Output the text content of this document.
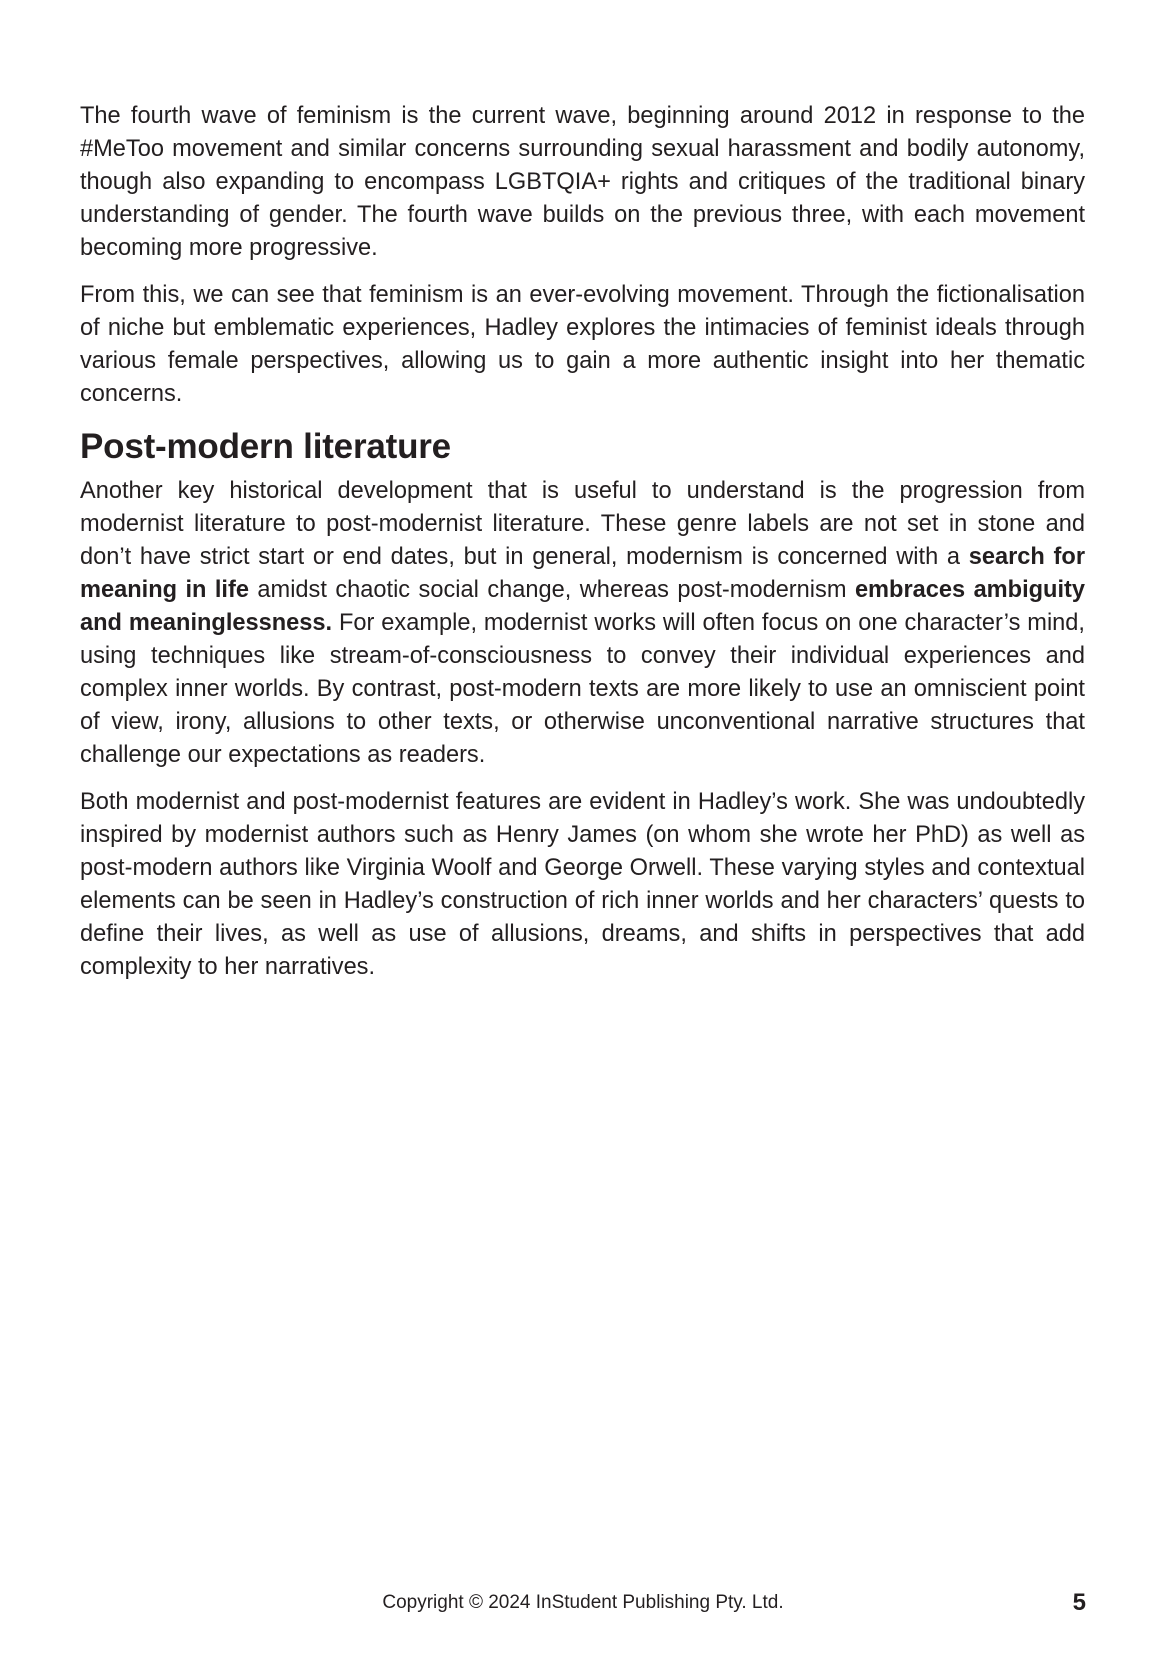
The fourth wave of feminism is the current wave, beginning around 2012 in response to the #MeToo movement and similar concerns surrounding sexual harassment and bodily autonomy, though also expanding to encompass LGBTQIA+ rights and critiques of the traditional binary understanding of gender. The fourth wave builds on the previous three, with each movement becoming more progressive.

From this, we can see that feminism is an ever-evolving movement. Through the fictionalisation of niche but emblematic experiences, Hadley explores the intimacies of feminist ideals through various female perspectives, allowing us to gain a more authentic insight into her thematic concerns.

Post-modern literature

Another key historical development that is useful to understand is the progression from modernist literature to post-modernist literature. These genre labels are not set in stone and don’t have strict start or end dates, but in general, modernism is concerned with a search for meaning in life amidst chaotic social change, whereas post-modernism embraces ambiguity and meaninglessness. For example, modernist works will often focus on one character’s mind, using techniques like stream-of-consciousness to convey their individual experiences and complex inner worlds. By contrast, post-modern texts are more likely to use an omniscient point of view, irony, allusions to other texts, or otherwise unconventional narrative structures that challenge our expectations as readers.

Both modernist and post-modernist features are evident in Hadley’s work. She was undoubtedly inspired by modernist authors such as Henry James (on whom she wrote her PhD) as well as post-modern authors like Virginia Woolf and George Orwell. These varying styles and contextual elements can be seen in Hadley’s construction of rich inner worlds and her characters’ quests to define their lives, as well as use of allusions, dreams, and shifts in perspectives that add complexity to her narratives.

Copyright © 2024 InStudent Publishing Pty. Ltd.	5
